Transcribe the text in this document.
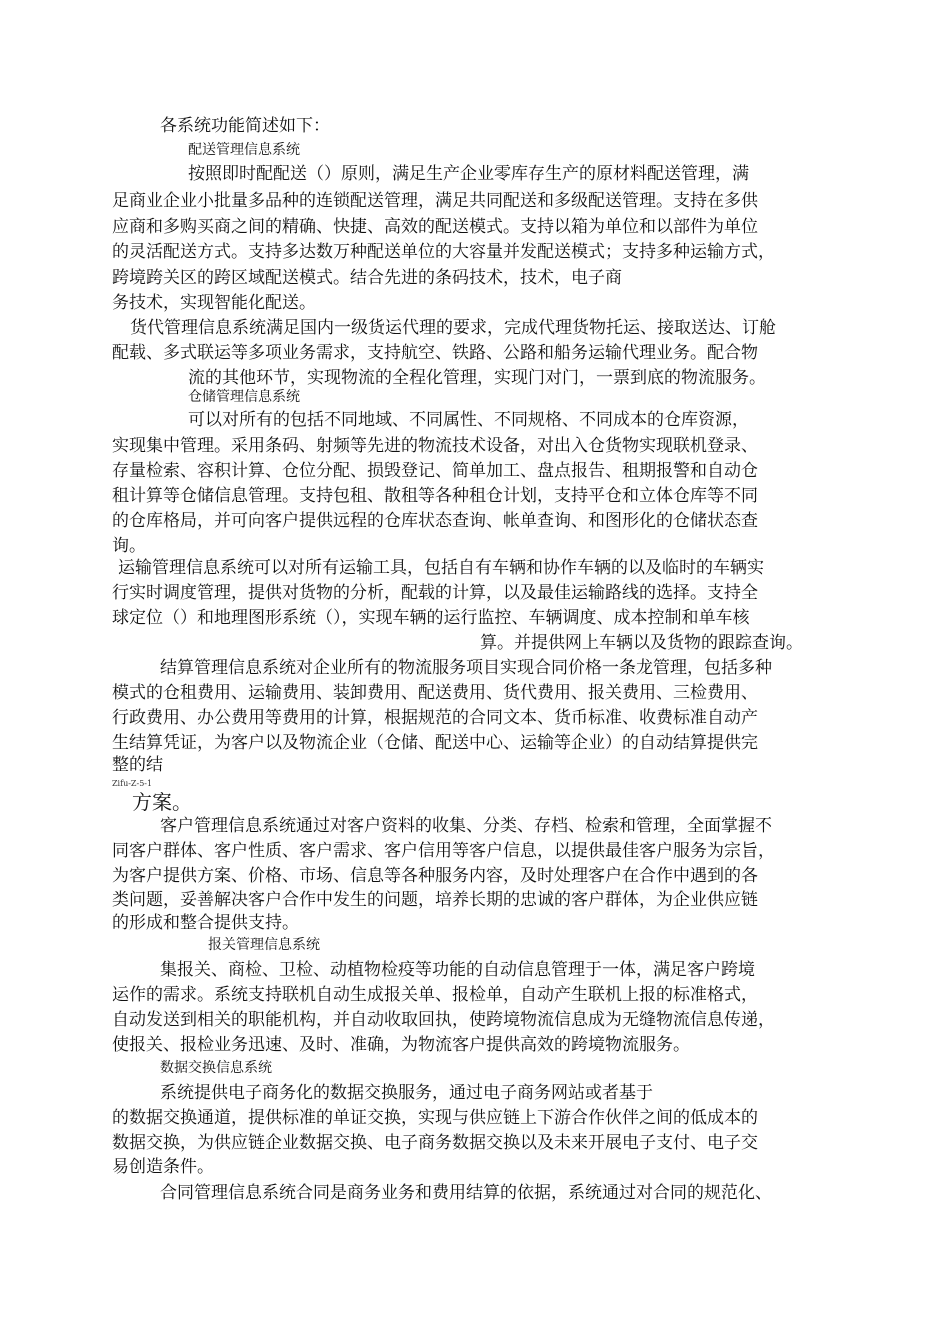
各系统功能简述如下：
配送管理信息系统
按照即时配配送（）原则，满足生产企业零库存生产的原材料配送管理，满
足商业企业小批量多品种的连锁配送管理，满足共同配送和多级配送管理。支持在多供
应商和多购买商之间的精确、快捷、高效的配送模式。支持以箱为单位和以部件为单位
的灵活配送方式。支持多达数万种配送单位的大容量并发配送模式；支持多种运输方式，
跨境跨关区的跨区域配送模式。结合先进的条码技术，技术，电子商
务技术，实现智能化配送。
货代管理信息系统满足国内一级货运代理的要求，完成代理货物托运、接取送达、订舱
配载、多式联运等多项业务需求，支持航空、铁路、公路和船务运输代理业务。配合物
流的其他环节，实现物流的全程化管理，实现门对门，一票到底的物流服务。
仓储管理信息系统
可以对所有的包括不同地域、不同属性、不同规格、不同成本的仓库资源，
实现集中管理。采用条码、射频等先进的物流技术设备，对出入仓货物实现联机登录、
存量检索、容积计算、仓位分配、损毁登记、简单加工、盘点报告、租期报警和自动仓
租计算等仓储信息管理。支持包租、散租等各种租仓计划，支持平仓和立体仓库等不同
的仓库格局，并可向客户提供远程的仓库状态查询、帐单查询、和图形化的仓储状态查
询。
运输管理信息系统可以对所有运输工具，包括自有车辆和协作车辆的以及临时的车辆实
行实时调度管理，提供对货物的分析，配载的计算，以及最佳运输路线的选择。支持全
球定位（）和地理图形系统（），实现车辆的运行监控、车辆调度、成本控制和单车核
算。并提供网上车辆以及货物的跟踪查询。
结算管理信息系统对企业所有的物流服务项目实现合同价格一条龙管理，包括多种
模式的仓租费用、运输费用、装卸费用、配送费用、货代费用、报关费用、三检费用、
行政费用、办公费用等费用的计算，根据规范的合同文本、货币标准、收费标准自动产
生结算凭证，为客户以及物流企业（仓储、配送中心、运输等企业）的自动结算提供完
整的结
Zifu-Z-5-1
方案。
客户管理信息系统通过对客户资料的收集、分类、存档、检索和管理，全面掌握不
同客户群体、客户性质、客户需求、客户信用等客户信息，以提供最佳客户服务为宗旨，
为客户提供方案、价格、市场、信息等各种服务内容，及时处理客户在合作中遇到的各
类问题，妥善解决客户合作中发生的问题，培养长期的忠诚的客户群体，为企业供应链
的形成和整合提供支持。
报关管理信息系统
集报关、商检、卫检、动植物检疫等功能的自动信息管理于一体，满足客户跨境
运作的需求。系统支持联机自动生成报关单、报检单，自动产生联机上报的标准格式，
自动发送到相关的职能机构，并自动收取回执，使跨境物流信息成为无缝物流信息传递，
使报关、报检业务迅速、及时、准确，为物流客户提供高效的跨境物流服务。
数据交换信息系统
系统提供电子商务化的数据交换服务，通过电子商务网站或者基于
的数据交换通道，提供标准的单证交换，实现与供应链上下游合作伙伴之间的低成本的
数据交换，为供应链企业数据交换、电子商务数据交换以及未来开展电子支付、电子交
易创造条件。
合同管理信息系统合同是商务业务和费用结算的依据，系统通过对合同的规范化、
